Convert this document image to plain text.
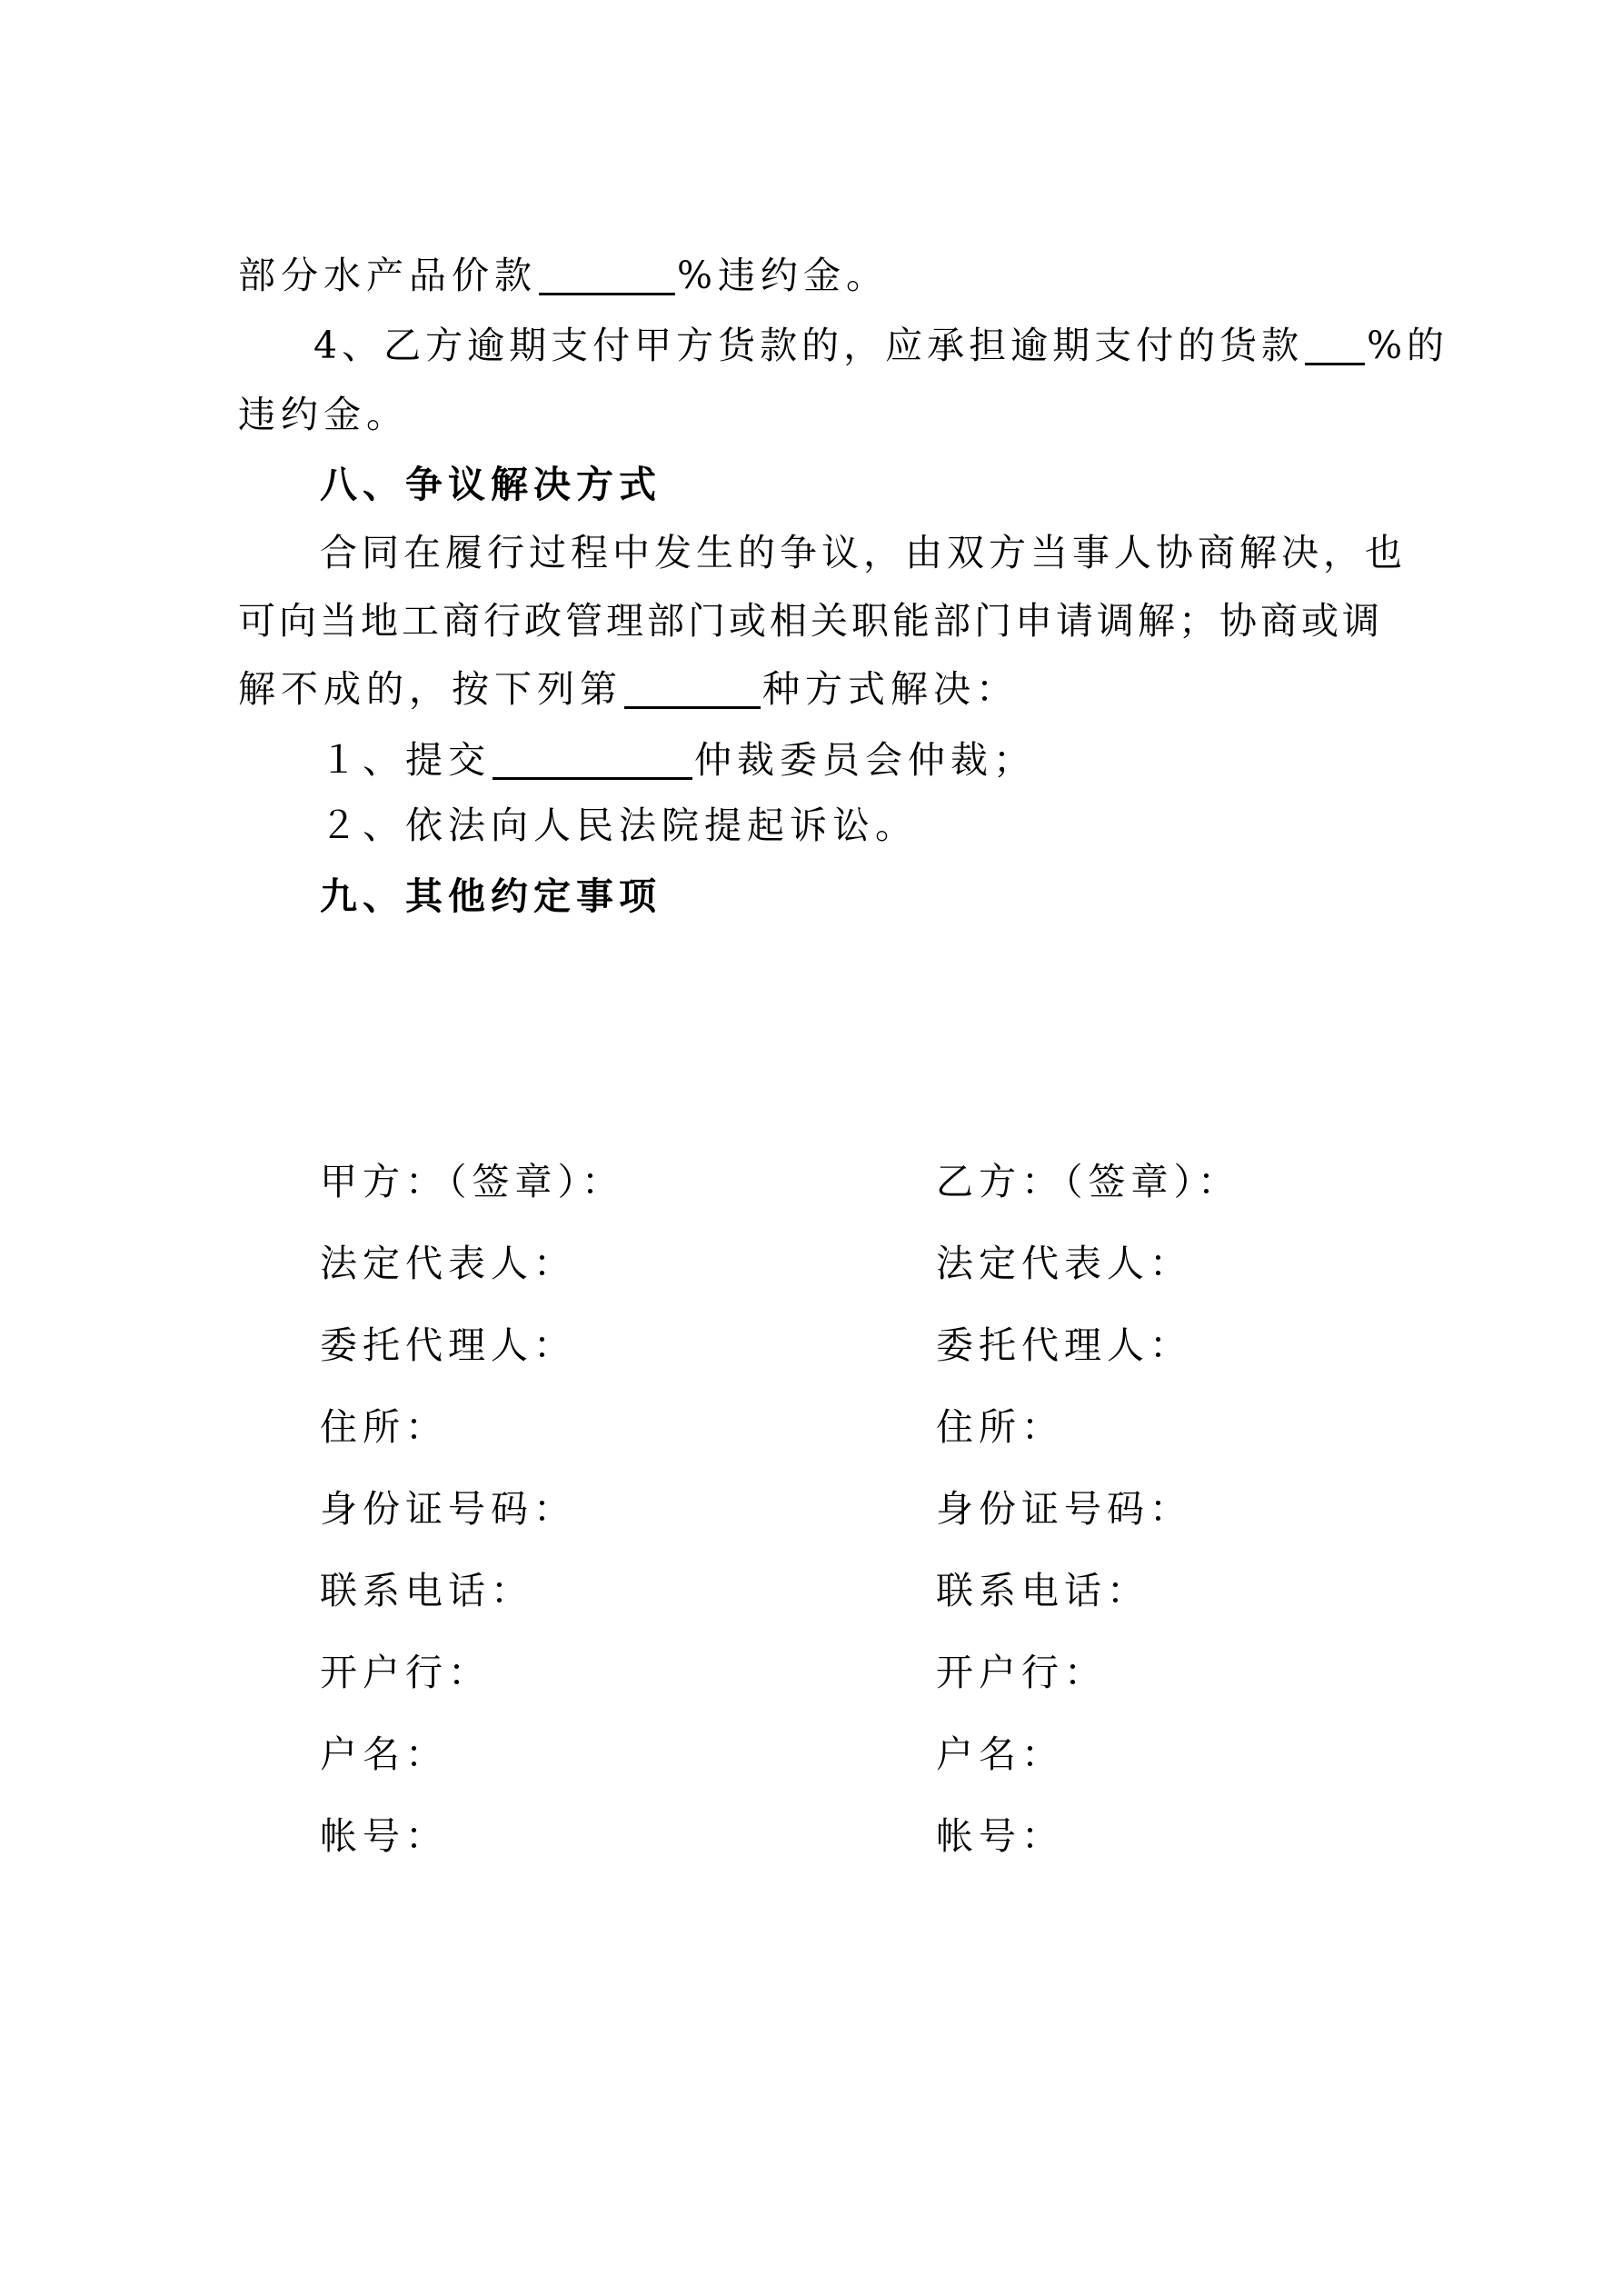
部分水产品价款	%违约金。
4、乙方逾期支付甲方货款的，应承担逾期支付的货款 %的
违约金。
八、争议解决方式
合同在履行过程中发生的争议，由双方当事人协商解决，也
可向当地工商行政管理部门或相关职能部门申请调解；协商或调
解不成的，按下列第	种方式解决：
１、提交	仲裁委员会仲裁；
２、依法向人民法院提起诉讼。
九、其他约定事项
甲方：（签章）：
法定代表人：
委托代理人：
住所：
身份证号码：
联系电话：
开户行：
户名：
帐号：
乙方：（签章）：
法定代表人：
委托代理人：
住所：
身份证号码：
联系电话：
开户行：
户名：
帐号：
